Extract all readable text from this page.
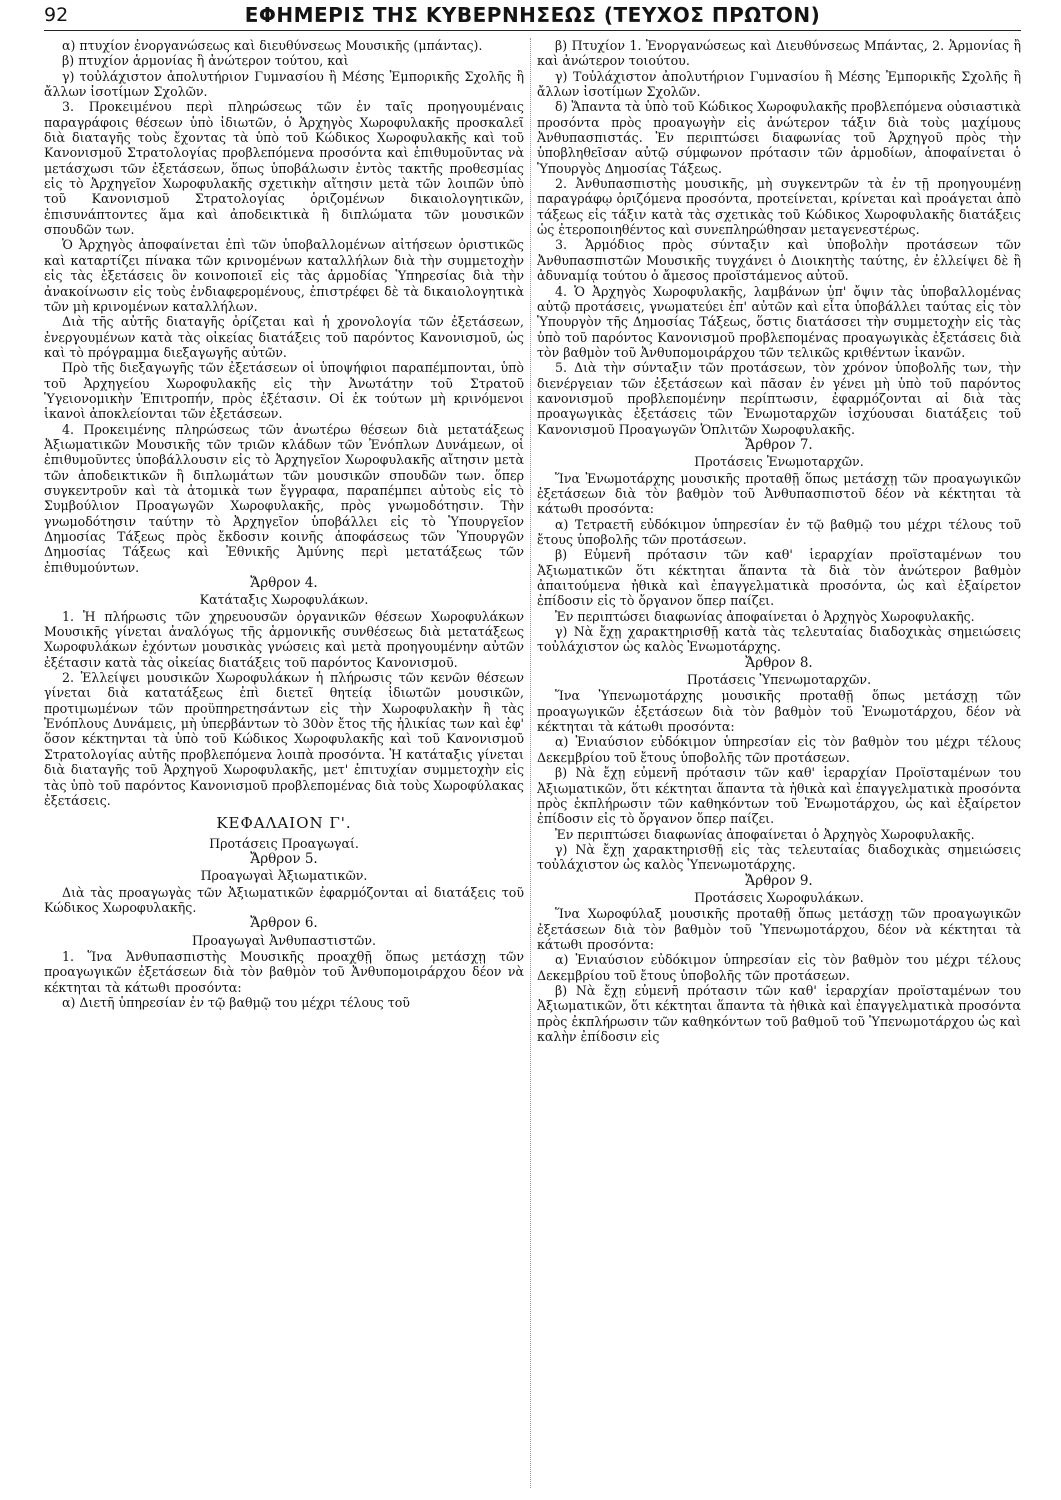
92	ΕΦΗΜΕΡΙΣ ΤΗΣ ΚΥΒΕΡΝΗΣΕΩΣ (ΤΕΥΧΟΣ ΠΡΩΤΟΝ)

α) πτυχίον ἐνοργανώσεως καὶ διευθύνσεως Μουσικῆς (μπάντας).

β) πτυχίον ἁρμονίας ἢ ἀνώτερον τούτου, καὶ

γ) τοὐλάχιστον ἀπολυτήριον Γυμνασίου ἢ Μέσης Ἐμπορικῆς Σχολῆς ἢ ἄλλων ἰσοτίμων Σχολῶν.

3. Προκειμένου περὶ πληρώσεως τῶν ἐν ταῖς προηγουμέναις παραγράφοις θέσεων ὑπὸ ἰδιωτῶν, ὁ Ἀρχηγὸς Χωροφυλακῆς προσκαλεῖ διὰ διαταγῆς τοὺς ἔχοντας τὰ ὑπὸ τοῦ Κώδικος Χωροφυλακῆς καὶ τοῦ Κανονισμοῦ Στρατολογίας προβλεπόμενα προσόντα καὶ ἐπιθυμοῦντας νὰ μετάσχωσι τῶν ἐξετάσεων, ὅπως ὑποβάλωσιν ἐντὸς τακτῆς προθεσμίας εἰς τὸ Ἀρχηγεῖον Χωροφυλακῆς σχετικὴν αἴτησιν μετὰ τῶν λοιπῶν ὑπὸ τοῦ Κανονισμοῦ Στρατολογίας ὁριζομένων δικαιολογητικῶν, ἐπισυνάπτοντες ἅμα καὶ ἀποδεικτικὰ ἢ διπλώματα τῶν μουσικῶν σπουδῶν των.

Ὁ Ἀρχηγὸς ἀποφαίνεται ἐπὶ τῶν ὑποβαλλομένων αἰτήσεων ὁριστικῶς καὶ καταρτίζει πίνακα τῶν κρινομένων καταλλήλων διὰ τὴν συμμετοχὴν εἰς τὰς ἐξετάσεις ὃν κοινοποιεῖ εἰς τὰς ἁρμοδίας Ὑπηρεσίας διὰ τὴν ἀνακοίνωσιν εἰς τοὺς ἐνδιαφερομένους, ἐπιστρέφει δὲ τὰ δικαιολογητικὰ τῶν μὴ κρινομένων καταλλήλων.

Διὰ τῆς αὐτῆς διαταγῆς ὁρίζεται καὶ ἡ χρονολογία τῶν ἐξετάσεων, ἐνεργουμένων κατὰ τὰς οἰκείας διατάξεις τοῦ παρόντος Κανονισμοῦ, ὡς καὶ τὸ πρόγραμμα διεξαγωγῆς αὐτῶν.

Πρὸ τῆς διεξαγωγῆς τῶν ἐξετάσεων οἱ ὑποψήφιοι παραπέμπονται, ὑπὸ τοῦ Ἀρχηγείου Χωροφυλακῆς εἰς τὴν Ἀνωτάτην τοῦ Στρατοῦ Ὑγειονομικὴν Ἐπιτροπήν, πρὸς ἐξέτασιν. Οἱ ἐκ τούτων μὴ κρινόμενοι ἱκανοὶ ἀποκλείονται τῶν ἐξετάσεων.

4. Προκειμένης πληρώσεως τῶν ἀνωτέρω θέσεων διὰ μετατάξεως Ἀξιωματικῶν Μουσικῆς τῶν τριῶν κλάδων τῶν Ἐνόπλων Δυνάμεων, οἱ ἐπιθυμοῦντες ὑποβάλλουσιν εἰς τὸ Ἀρχηγεῖον Χωροφυλακῆς αἴτησιν μετὰ τῶν ἀποδεικτικῶν ἢ διπλωμάτων τῶν μουσικῶν σπουδῶν των. ὅπερ συγκεντροῦν καὶ τὰ ἀτομικὰ των ἔγγραφα, παραπέμπει αὐτοὺς εἰς τὸ Συμβούλιον Προαγωγῶν Χωροφυλακῆς, πρὸς γνωμοδότησιν. Τὴν γνωμοδότησιν ταύτην τὸ Ἀρχηγεῖον ὑποβάλλει εἰς τὸ Ὑπουργεῖον Δημοσίας Τάξεως πρὸς ἔκδοσιν κοινῆς ἀποφάσεως τῶν Ὑπουργῶν Δημοσίας Τάξεως καὶ Ἐθνικῆς Ἀμύνης περὶ μετατάξεως τῶν ἐπιθυμούντων.

Ἄρθρον 4.

Κατάταξις Χωροφυλάκων.

1. Ἡ πλήρωσις τῶν χηρευουσῶν ὀργανικῶν θέσεων Χωροφυλάκων Μουσικῆς γίνεται ἀναλόγως τῆς ἁρμονικῆς συνθέσεως διὰ μετατάξεως Χωροφυλάκων ἐχόντων μουσικὰς γνώσεις καὶ μετὰ προηγουμένην αὐτῶν ἐξέτασιν κατὰ τὰς οἰκείας διατάξεις τοῦ παρόντος Κανονισμοῦ.

2. Ἐλλείψει μουσικῶν Χωροφυλάκων ἡ πλήρωσις τῶν κενῶν θέσεων γίνεται διὰ κατατάξεως ἐπὶ διετεῖ θητείᾳ ἰδιωτῶν μουσικῶν, προτιμωμένων τῶν προϋπηρετησάντων εἰς τὴν Χωροφυλακὴν ἢ τὰς Ἐνόπλους Δυνάμεις, μὴ ὑπερβάντων τὸ 30ὸν ἔτος τῆς ἡλικίας των καὶ ἐφ' ὅσον κέκτηνται τὰ ὑπὸ τοῦ Κώδικος Χωροφυλακῆς καὶ τοῦ Κανονισμοῦ Στρατολογίας αὐτῆς προβλεπόμενα λοιπὰ προσόντα. Ἡ κατάταξις γίνεται διὰ διαταγῆς τοῦ Ἀρχηγοῦ Χωροφυλακῆς, μετ' ἐπιτυχίαν συμμετοχὴν εἰς τὰς ὑπὸ τοῦ παρόντος Κανονισμοῦ προβλεπομένας διὰ τοὺς Χωροφύλακας ἐξετάσεις.

ΚΕΦΑΛΑΙΟΝ Γ'.

Προτάσεις Προαγωγαί.

Ἄρθρον 5.

Προαγωγαὶ Ἀξιωματικῶν.

Διὰ τὰς προαγωγὰς τῶν Ἀξιωματικῶν ἐφαρμόζονται αἱ διατάξεις τοῦ Κώδικος Χωροφυλακῆς.

Ἄρθρον 6.

Προαγωγαὶ Ἀνθυπαστιστῶν.

1. Ἵνα Ἀνθυπασπιστὴς Μουσικῆς προαχθῇ ὅπως μετάσχῃ τῶν προαγωγικῶν ἐξετάσεων διὰ τὸν βαθμὸν τοῦ Ἀνθυπομοιράρχου δέον νὰ κέκτηται τὰ κάτωθι προσόντα:

α) Διετῆ ὑπηρεσίαν ἐν τῷ βαθμῷ του μέχρι τέλους τοῦ

β) Πτυχίον 1. Ἐνοργανώσεως καὶ Διευθύνσεως Μπάντας, 2. Ἁρμονίας ἢ καὶ ἀνώτερον τοιούτου.

γ) Τοὐλάχιστον ἀπολυτήριον Γυμνασίου ἢ Μέσης Ἐμπορικῆς Σχολῆς ἢ ἄλλων ἰσοτίμων Σχολῶν.

δ) Ἅπαντα τὰ ὑπὸ τοῦ Κώδικος Χωροφυλακῆς προβλεπόμενα οὐσιαστικὰ προσόντα πρὸς προαγωγὴν εἰς ἀνώτερον τάξιν διὰ τοὺς μαχίμους Ἀνθυπασπιστάς. Ἐν περιπτώσει διαφωνίας τοῦ Ἀρχηγοῦ πρὸς τὴν ὑποβληθεῖσαν αὐτῷ σύμφωνον πρότασιν τῶν ἁρμοδίων, ἀποφαίνεται ὁ Ὑπουργὸς Δημοσίας Τάξεως.

2. Ἀνθυπασπιστὴς μουσικῆς, μὴ συγκεντρῶν τὰ ἐν τῇ προηγουμένῃ παραγράφῳ ὁριζόμενα προσόντα, προτείνεται, κρίνεται καὶ προάγεται ἀπὸ τάξεως εἰς τάξιν κατὰ τὰς σχετικὰς τοῦ Κώδικος Χωροφυλακῆς διατάξεις ὡς ἐτεροποιηθέντος καὶ συνεπληρώθησαν μεταγενεστέρως.

3. Ἁρμόδιος πρὸς σύνταξιν καὶ ὑποβολὴν προτάσεων τῶν Ἀνθυπασπιστῶν Μουσικῆς τυγχάνει ὁ Διοικητὴς ταύτης, ἐν ἐλλείψει δὲ ἢ ἀδυναμίᾳ τούτου ὁ ἄμεσος προϊστάμενος αὐτοῦ.

4. Ὁ Ἀρχηγὸς Χωροφυλακῆς, λαμβάνων ὑπ' ὄψιν τὰς ὑποβαλλομένας αὐτῷ προτάσεις, γνωματεύει ἐπ' αὐτῶν καὶ εἶτα ὑποβάλλει ταύτας εἰς τὸν Ὑπουργὸν τῆς Δημοσίας Τάξεως, ὅστις διατάσσει τὴν συμμετοχὴν εἰς τὰς ὑπὸ τοῦ παρόντος Κανονισμοῦ προβλεπομένας προαγωγικὰς ἐξετάσεις διὰ τὸν βαθμὸν τοῦ Ἀνθυπομοιράρχου τῶν τελικῶς κριθέντων ἱκανῶν.

5. Διὰ τὴν σύνταξιν τῶν προτάσεων, τὸν χρόνον ὑποβολῆς των, τὴν διενέργειαν τῶν ἐξετάσεων καὶ πᾶσαν ἐν γένει μὴ ὑπὸ τοῦ παρόντος κανονισμοῦ προβλεπομένην περίπτωσιν, ἐφαρμόζονται αἱ διὰ τὰς προαγωγικὰς ἐξετάσεις τῶν Ἐνωμοταρχῶν ἰσχύουσαι διατάξεις τοῦ Κανονισμοῦ Προαγωγῶν Ὁπλιτῶν Χωροφυλακῆς.

Ἄρθρον 7.

Προτάσεις Ἐνωμοταρχῶν.

Ἵνα Ἐνωμοτάρχης μουσικῆς προταθῇ ὅπως μετάσχῃ τῶν προαγωγικῶν ἐξετάσεων διὰ τὸν βαθμὸν τοῦ Ἀνθυπασπιστοῦ δέον νὰ κέκτηται τὰ κάτωθι προσόντα:

α) Τετραετῆ εὐδόκιμον ὑπηρεσίαν ἐν τῷ βαθμῷ του μέχρι τέλους τοῦ ἔτους ὑποβολῆς τῶν προτάσεων.

β) Εὐμενῆ πρότασιν τῶν καθ' ἱεραρχίαν προϊσταμένων του Ἀξιωματικῶν ὅτι κέκτηται ἅπαντα τὰ διὰ τὸν ἀνώτερον βαθμὸν ἀπαιτούμενα ἠθικὰ καὶ ἐπαγγελματικὰ προσόντα, ὡς καὶ ἐξαίρετον ἐπίδοσιν εἰς τὸ ὄργανον ὅπερ παίζει.

Ἐν περιπτώσει διαφωνίας ἀποφαίνεται ὁ Ἀρχηγὸς Χωροφυλακῆς.

γ) Νὰ ἔχῃ χαρακτηρισθῇ κατὰ τὰς τελευταίας διαδοχικὰς σημειώσεις τοὐλάχιστον ὡς καλὸς Ἐνωμοτάρχης.

Ἄρθρον 8.

Προτάσεις Ὑπενωμοταρχῶν.

Ἵνα Ὑπενωμοτάρχης μουσικῆς προταθῇ ὅπως μετάσχῃ τῶν προαγωγικῶν ἐξετάσεων διὰ τὸν βαθμὸν τοῦ Ἐνωμοτάρχου, δέον νὰ κέκτηται τὰ κάτωθι προσόντα:

α) Ἐνιαύσιον εὐδόκιμον ὑπηρεσίαν εἰς τὸν βαθμὸν του μέχρι τέλους Δεκεμβρίου τοῦ ἔτους ὑποβολῆς τῶν προτάσεων.

β) Νὰ ἔχῃ εὐμενῆ πρότασιν τῶν καθ' ἱεραρχίαν Προϊσταμένων του Ἀξιωματικῶν, ὅτι κέκτηται ἅπαντα τὰ ἠθικὰ καὶ ἐπαγγελματικὰ προσόντα πρὸς ἐκπλήρωσιν τῶν καθηκόντων τοῦ Ἐνωμοτάρχου, ὡς καὶ ἐξαίρετον ἐπίδοσιν εἰς τὸ ὄργανον ὅπερ παίζει.

Ἐν περιπτώσει διαφωνίας ἀποφαίνεται ὁ Ἀρχηγὸς Χωροφυλακῆς.

γ) Νὰ ἔχῃ χαρακτηρισθῇ εἰς τὰς τελευταίας διαδοχικὰς σημειώσεις τοὐλάχιστον ὡς καλὸς Ὑπενωμοτάρχης.

Ἄρθρον 9.

Προτάσεις Χωροφυλάκων.

Ἵνα Χωροφύλαξ μουσικῆς προταθῇ ὅπως μετάσχῃ τῶν προαγωγικῶν ἐξετάσεων διὰ τὸν βαθμὸν τοῦ Ὑπενωμοτάρχου, δέον νὰ κέκτηται τὰ κάτωθι προσόντα:

α) Ἐνιαύσιον εὐδόκιμον ὑπηρεσίαν εἰς τὸν βαθμὸν του μέχρι τέλους Δεκεμβρίου τοῦ ἔτους ὑποβολῆς τῶν προτάσεων.

β) Νὰ ἔχῃ εὐμενῆ πρότασιν τῶν καθ' ἱεραρχίαν προϊσταμένων του Ἀξιωματικῶν, ὅτι κέκτηται ἅπαντα τὰ ἠθικὰ καὶ ἐπαγγελματικὰ προσόντα πρὸς ἐκπλήρωσιν τῶν καθηκόντων τοῦ βαθμοῦ τοῦ Ὑπενωμοτάρχου ὡς καὶ καλὴν ἐπίδοσιν εἰς
